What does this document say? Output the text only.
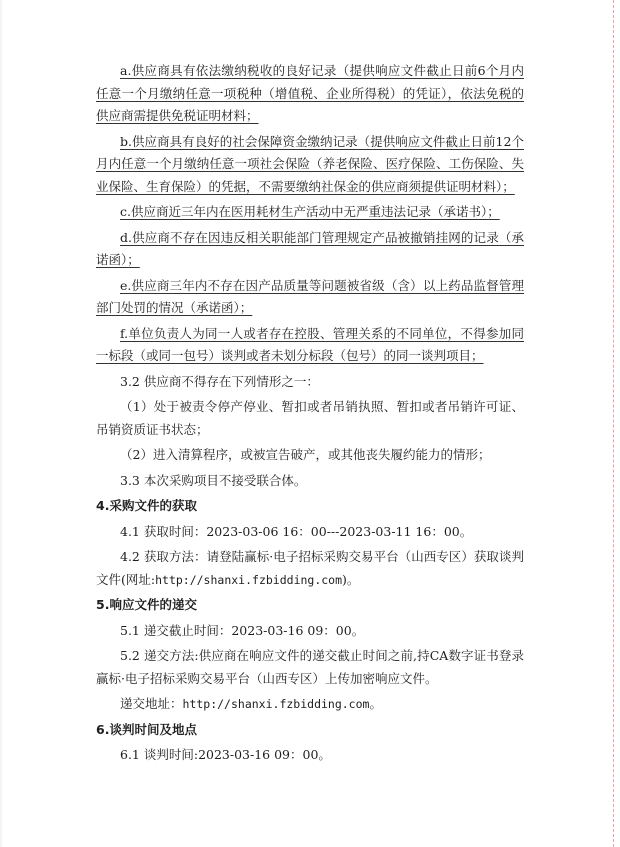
a.供应商具有依法缴纳税收的良好记录（提供响应文件截止日前6个月内任意一个月缴纳任意一项税种（增值税、企业所得税）的凭证），依法免税的供应商需提供免税证明材料；

b.供应商具有良好的社会保障资金缴纳记录（提供响应文件截止日前12个月内任意一个月缴纳任意一项社会保险（养老保险、医疗保险、工伤保险、失业保险、生育保险）的凭据，不需要缴纳社保金的供应商须提供证明材料）；

c.供应商近三年内在医用耗材生产活动中无严重违法记录（承诺书）；

d.供应商不存在因违反相关职能部门管理规定产品被撤销挂网的记录（承诺函）；

e.供应商三年内不存在因产品质量等问题被省级（含）以上药品监督管理部门处罚的情况（承诺函）；

f.单位负责人为同一人或者存在控股、管理关系的不同单位，不得参加同一标段（或同一包号）谈判或者未划分标段（包号）的同一谈判项目；

3.2 供应商不得存在下列情形之一：

（1）处于被责令停产停业、暂扣或者吊销执照、暂扣或者吊销许可证、吊销资质证书状态；

（2）进入清算程序，或被宣告破产，或其他丧失履约能力的情形；

3.3 本次采购项目不接受联合体。

4.采购文件的获取

4.1 获取时间：2023-03-06 16：00---2023-03-11 16：00。

4.2 获取方法：请登陆赢标·电子招标采购交易平台（山西专区）获取谈判文件(网址:http://shanxi.fzbidding.com)。

5.响应文件的递交

5.1 递交截止时间：2023-03-16 09：00。

5.2 递交方法:供应商在响应文件的递交截止时间之前,持CA数字证书登录赢标·电子招标采购交易平台（山西专区）上传加密响应文件。

递交地址：http://shanxi.fzbidding.com。

6.谈判时间及地点

6.1 谈判时间:2023-03-16 09：00。
